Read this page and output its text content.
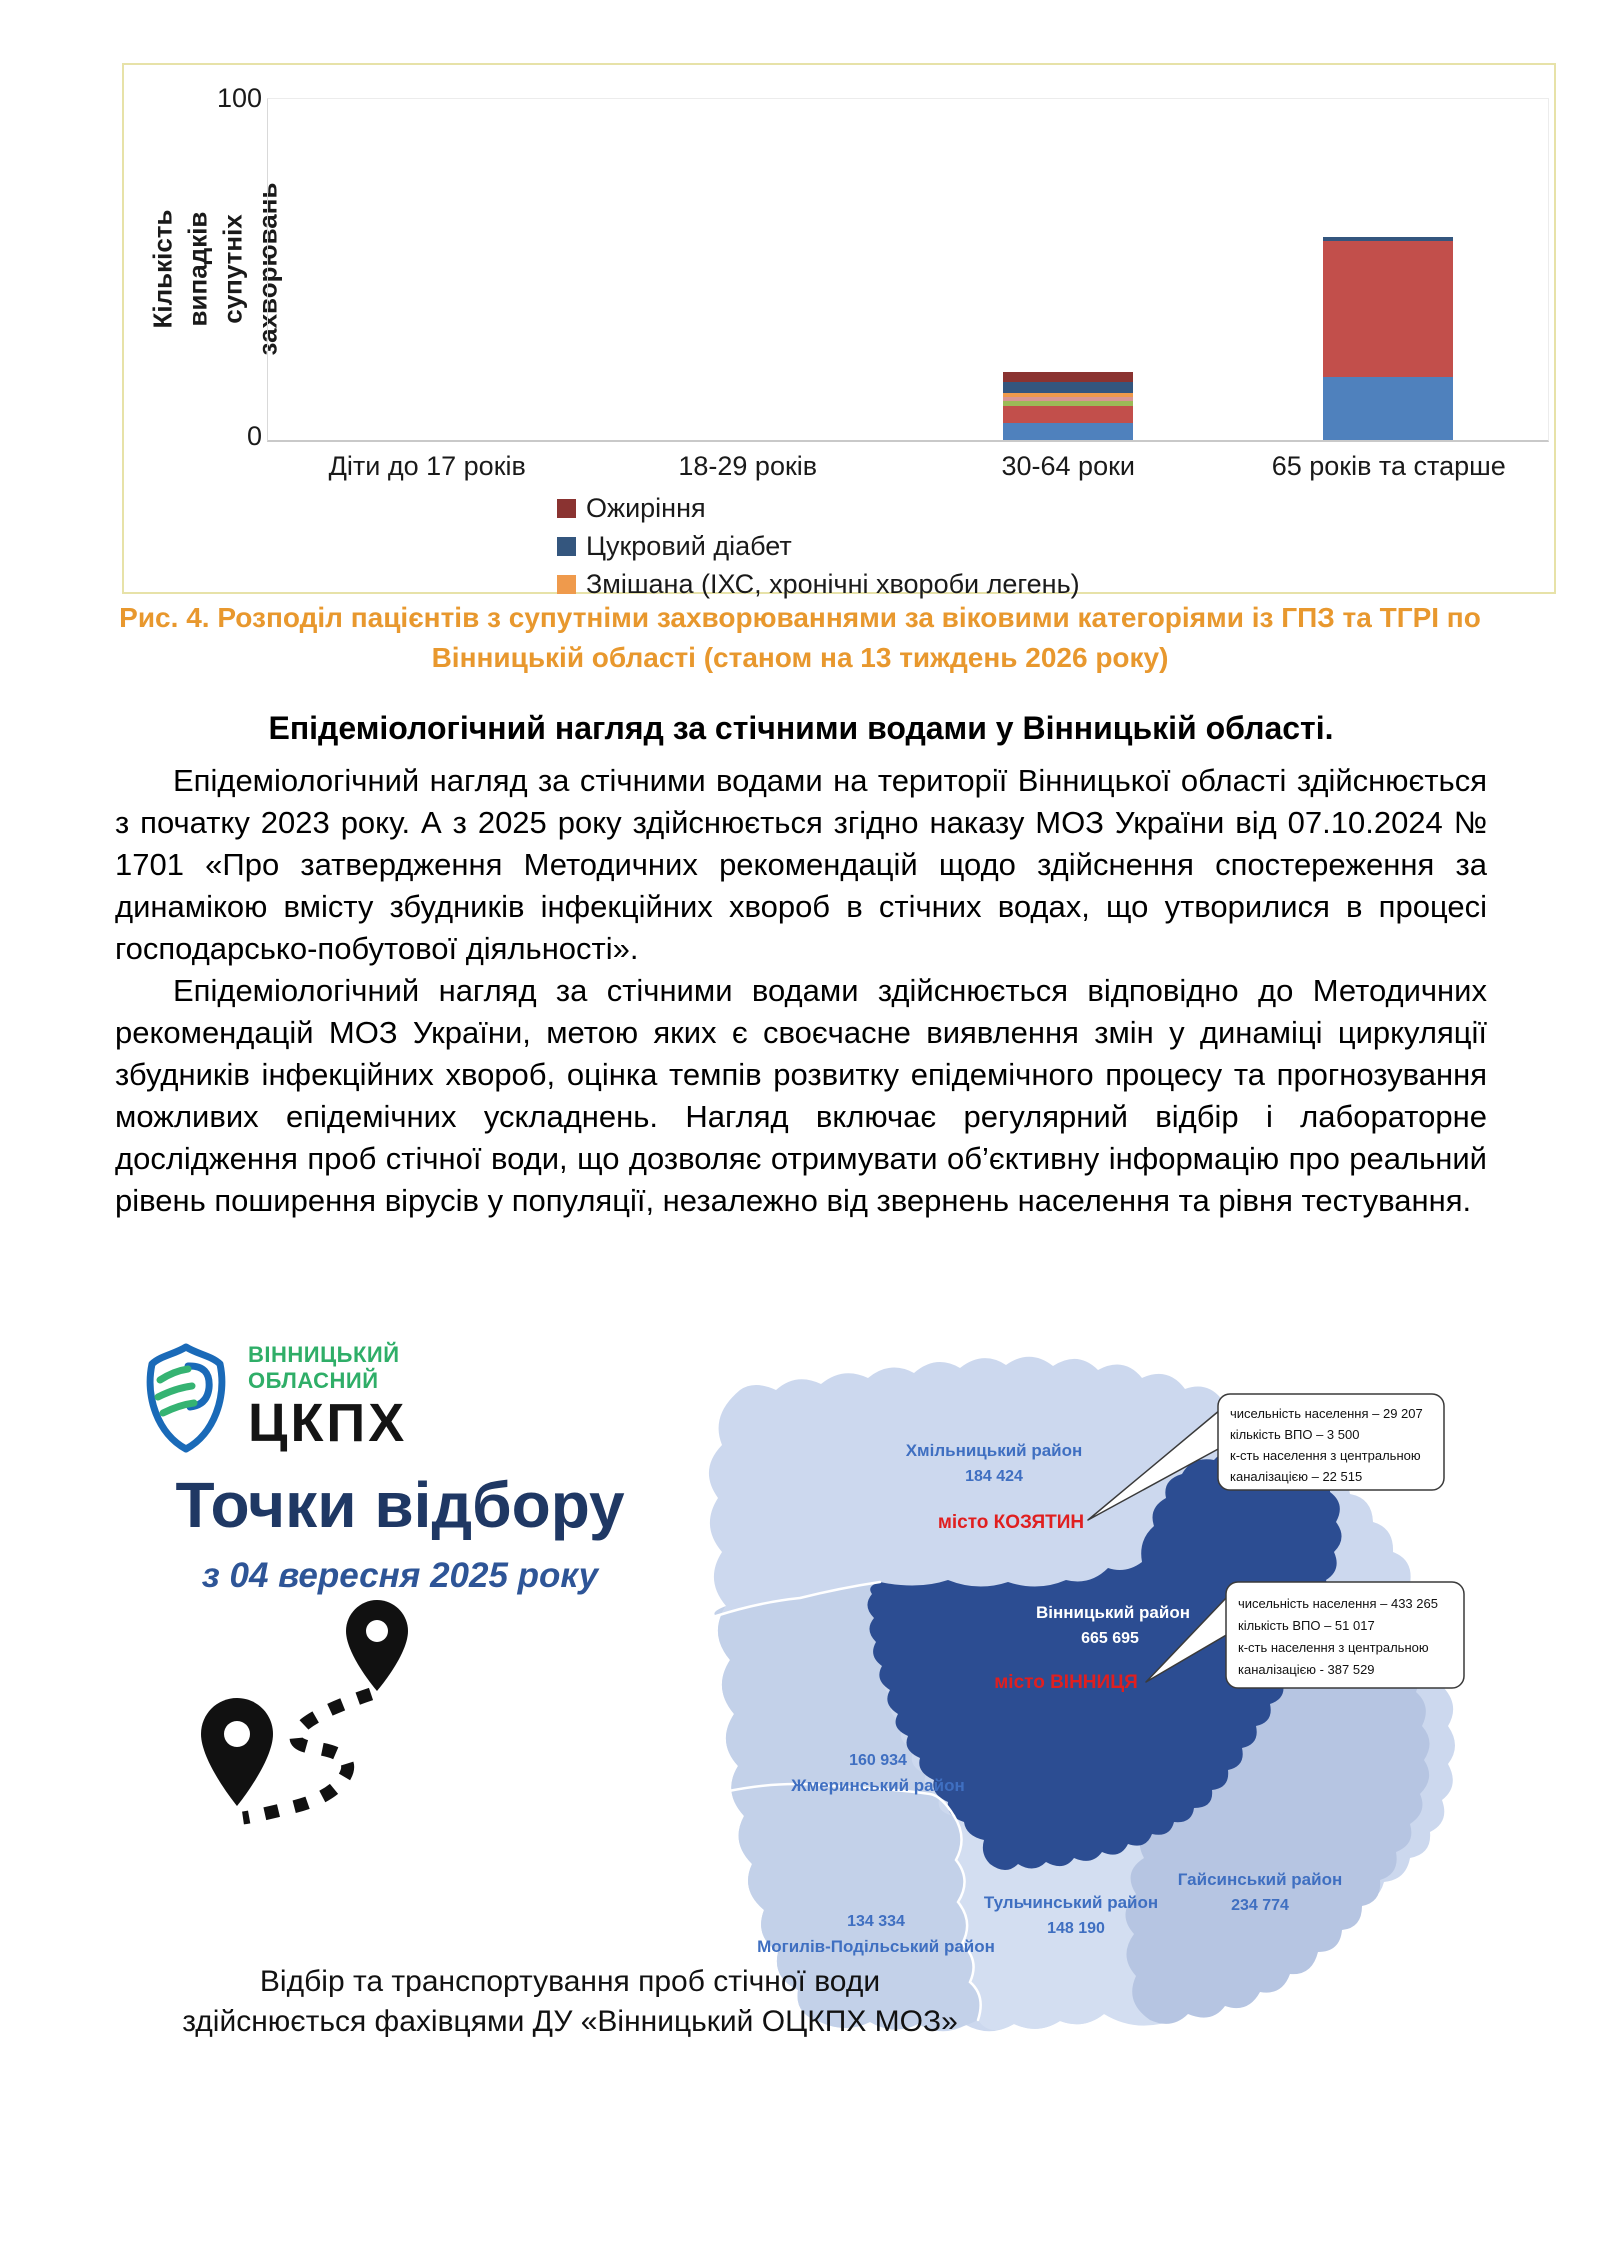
Кількість випадків супутніх захворювань
100
0
Діти до 17 років	18-29 років	30-64 роки	65 років та старше
Ожиріння
Цукровий діабет
Змішана (ІХС, хронічні хвороби легень)
Рис. 4. Розподіл пацієнтів з супутніми захворюваннями за віковими категоріями із ГПЗ та ТГРІ по
Вінницькій області (станом на 13 тиждень 2026 року)
Епідеміологічний нагляд за стічними водами у Вінницькій області.

Епідеміологічний нагляд за стічними водами на території Вінницької області здійснюється з початку 2023 року. А з 2025 року здійснюється згідно наказу МОЗ України від 07.10.2024 № 1701 «Про затвердження Методичних рекомендацій щодо здійснення спостереження за динамікою вмісту збудників інфекційних хвороб в стічних водах, що утворилися в процесі господарсько-побутової діяльності».

Епідеміологічний нагляд за стічними водами здійснюється відповідно до Методичних рекомендацій МОЗ України, метою яких є своєчасне виявлення змін у динаміці циркуляції збудників інфекційних хвороб, оцінка темпів розвитку епідемічного процесу та прогнозування можливих епідемічних ускладнень. Нагляд включає регулярний відбір і лабораторне дослідження проб стічної води, що дозволяє отримувати об’єктивну інформацію про реальний рівень поширення вірусів у популяції, незалежно від звернень населення та рівня тестування.

ВІННИЦЬКИЙ
ОБЛАСНИЙ
ЦКПХ
Точки відбору
з 04 вересня 2025 року
Хмільницький район
184 424
місто КОЗЯТИН
Вінницький район
665 695
місто ВІННИЦЯ
160 934
Жмеринський район
134 334
Могилів-Подільський район
Тульчинський район
148 190
Гайсинський район
234 774
чисельність населення – 29 207
кількість ВПО – 3 500
к-сть населення з центральною
каналізацією – 22 515
чисельність населення – 433 265
кількість ВПО – 51 017
к-сть населення з центральною
каналізацією - 387 529
Відбір та транспортування проб стічної води
здійснюється фахівцями ДУ «Вінницький ОЦКПХ МОЗ»
